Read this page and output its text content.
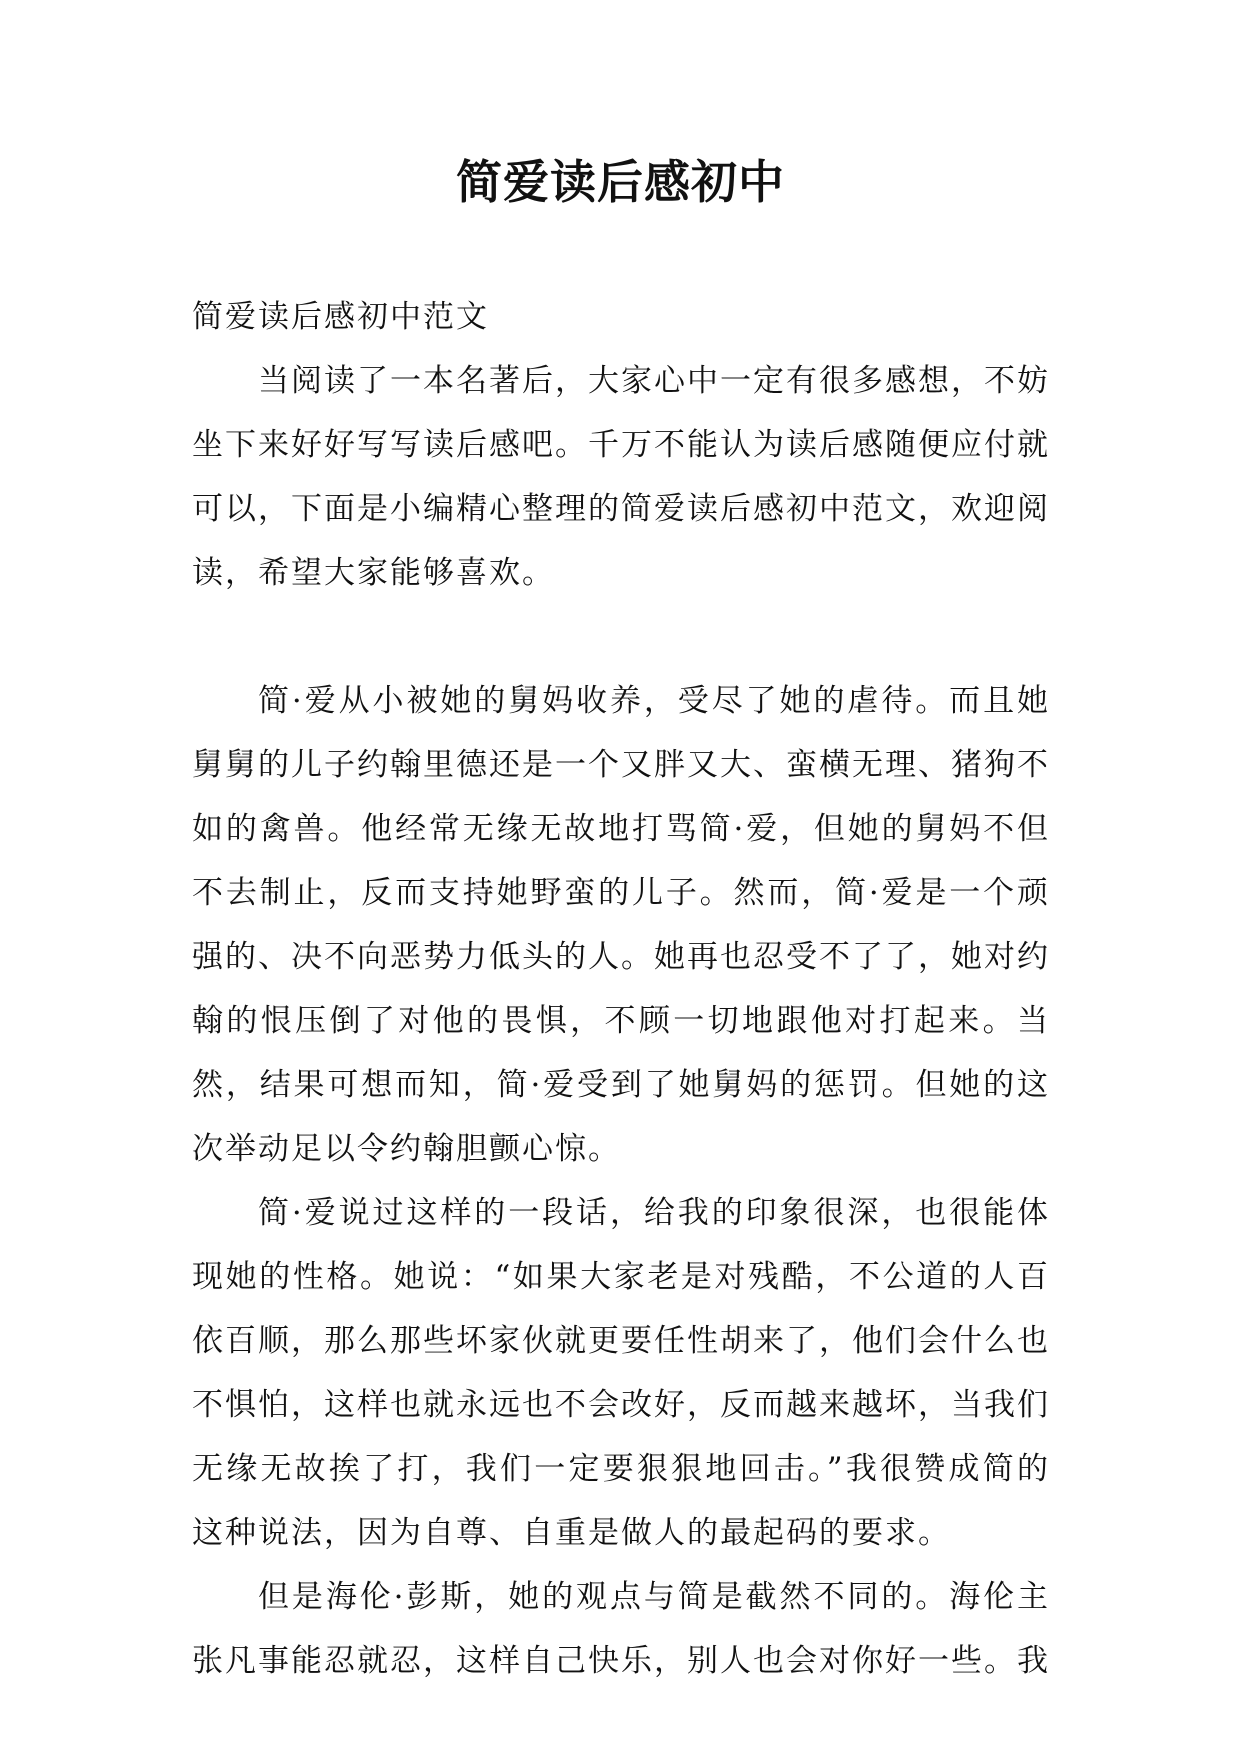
简爱读后感初中

简爱读后感初中范文

当阅读了一本名著后，大家心中一定有很多感想，不妨坐下来好好写写读后感吧。千万不能认为读后感随便应付就可以，下面是小编精心整理的简爱读后感初中范文，欢迎阅读，希望大家能够喜欢。

简·爱从小被她的舅妈收养，受尽了她的虐待。而且她舅舅的儿子约翰里德还是一个又胖又大、蛮横无理、猪狗不如的禽兽。他经常无缘无故地打骂简·爱，但她的舅妈不但不去制止，反而支持她野蛮的儿子。然而，简·爱是一个顽强的、决不向恶势力低头的人。她再也忍受不了了，她对约翰的恨压倒了对他的畏惧，不顾一切地跟他对打起来。当然，结果可想而知，简·爱受到了她舅妈的惩罚。但她的这次举动足以令约翰胆颤心惊。

简·爱说过这样的一段话，给我的印象很深，也很能体现她的性格。她说：“如果大家老是对残酷，不公道的人百依百顺，那么那些坏家伙就更要任性胡来了，他们会什么也不惧怕，这样也就永远也不会改好，反而越来越坏，当我们无缘无故挨了打，我们一定要狠狠地回击。”我很赞成简的这种说法，因为自尊、自重是做人的最起码的要求。

但是海伦·彭斯，她的观点与简是截然不同的。海伦主张凡事能忍就忍，这样自己快乐，别人也会对你好一些。我
